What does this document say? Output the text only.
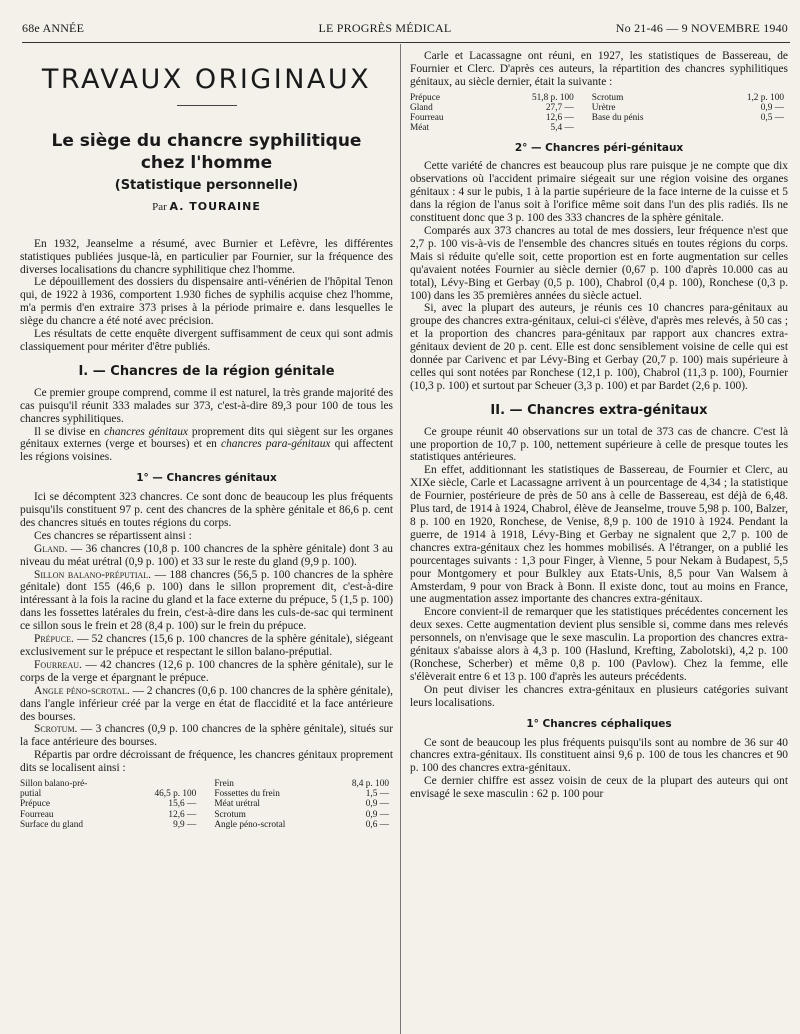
68e ANNÉE	LE PROGRÈS MÉDICAL	No 21-46 — 9 NOVEMBRE 1940
TRAVAUX ORIGINAUX
Le siège du chancre syphilitique
chez l'homme
(Statistique personnelle)
Par A. TOURAINE

En 1932, Jeanselme a résumé, avec Burnier et Lefèvre, les différentes statistiques publiées jusque-là, en particulier par Fournier, sur la fréquence des diverses localisations du chancre syphilitique chez l'homme.

Le dépouillement des dossiers du dispensaire anti-vénérien de l'hôpital Tenon qui, de 1922 à 1936, comportent 1.930 fiches de syphilis acquise chez l'homme, m'a permis d'en extraire 373 prises à la période primaire e. dans lesquelles le siège du chancre a été noté avec précision.

Les résultats de cette enquête divergent suffisamment de ceux qui sont admis classiquement pour mériter d'être publiés.

I. — Chancres de la région génitale

Ce premier groupe comprend, comme il est naturel, la très grande majorité des cas puisqu'il réunit 333 malades sur 373, c'est-à-dire 89,3 pour 100 de tous les chancres syphilitiques.

Il se divise en chancres génitaux proprement dits qui siègent sur les organes génitaux externes (verge et bourses) et en chancres para-génitaux qui affectent les régions voisines.

1° — Chancres génitaux

Ici se décomptent 323 chancres. Ce sont donc de beaucoup les plus fréquents puisqu'ils constituent 97 p. cent des chancres de la sphère génitale et 86,6 p. cent des chancres situés en toutes régions du corps.

Ces chancres se répartissent ainsi :

Gland. — 36 chancres (10,8 p. 100 chancres de la sphère génitale) dont 3 au niveau du méat urétral (0,9 p. 100) et 33 sur le reste du gland (9,9 p. 100).

Sillon balano-préputial. — 188 chancres (56,5 p. 100 chancres de la sphère génitale) dont 155 (46,6 p. 100) dans le sillon proprement dit, c'est-à-dire intéressant à la fois la racine du gland et la face externe du prépuce, 5 (1,5 p. 100) dans les fossettes latérales du frein, c'est-à-dire dans les culs-de-sac qui terminent ce sillon sous le frein et 28 (8,4 p. 100) sur le frein du prépuce.

Prépuce. — 52 chancres (15,6 p. 100 chancres de la sphère génitale), siégeant exclusivement sur le prépuce et respectant le sillon balano-préputial.

Fourreau. — 42 chancres (12,6 p. 100 chancres de la sphère génitale), sur le corps de la verge et épargnant le prépuce.

Angle péno-scrotal. — 2 chancres (0,6 p. 100 chancres de la sphère génitale), dans l'angle inférieur créé par la verge en état de flaccidité et la face antérieure des bourses.

Scrotum. — 3 chancres (0,9 p. 100 chancres de la sphère génitale), situés sur la face antérieure des bourses.

Répartis par ordre décroissant de fréquence, les chancres génitaux proprement dits se localisent ainsi :

Sillon balano-pré-			Frein	8,4 p. 100
putial	46,5 p. 100		Fossettes du frein	1,5 —
Prépuce	15,6 —		Méat urétral	0,9 —
Fourreau	12,6 —		Scrotum	0,9 —
Surface du gland	9,9 —		Angle péno-scrotal	0,6 —

Carle et Lacassagne ont réuni, en 1927, les statistiques de Bassereau, de Fournier et Clerc. D'après ces auteurs, la répartition des chancres syphilitiques génitaux, au siècle dernier, était la suivante :

Prépuce	51,8 p. 100		Scrotum	1,2 p. 100
Gland	27,7 —		Urètre	0,9 —
Fourreau	12,6 —		Base du pénis	0,5 —
Méat	5,4 —			
2° — Chancres péri-génitaux

Cette variété de chancres est beaucoup plus rare puisque je ne compte que dix observations où l'accident primaire siégeait sur une région voisine des organes génitaux : 4 sur le pubis, 1 à la partie supérieure de la face interne de la cuisse et 5 dans la région de l'anus soit à l'orifice même soit dans l'un des plis radiés. Ils ne constituent donc que 3 p. 100 des 333 chancres de la sphère génitale.

Comparés aux 373 chancres au total de mes dossiers, leur fréquence n'est que 2,7 p. 100 vis-à-vis de l'ensemble des chancres situés en toutes régions du corps. Mais si réduite qu'elle soit, cette proportion est en forte augmentation sur celles qu'avaient notées Fournier au siècle dernier (0,67 p. 100 d'après 10.000 cas au total), Lévy-Bing et Gerbay (0,5 p. 100), Chabrol (0,4 p. 100), Ronchese (0,3 p. 100) dans les 35 premières années du siècle actuel.

Si, avec la plupart des auteurs, je réunis ces 10 chancres para-génitaux au groupe des chancres extra-génitaux, celui-ci s'élève, d'après mes relevés, à 50 cas ; et la proportion des chancres para-génitaux par rapport aux chancres extra-génitaux devient de 20 p. cent. Elle est donc sensiblement voisine de celle qui est donnée par Carivenc et par Lévy-Bing et Gerbay (20,7 p. 100) mais supérieure à celles qui sont notées par Ronchese (12,1 p. 100), Chabrol (11,3 p. 100), Fournier (10,3 p. 100) et surtout par Scheuer (3,3 p. 100) et par Bardet (2,6 p. 100).

II. — Chancres extra-génitaux

Ce groupe réunit 40 observations sur un total de 373 cas de chancre. C'est là une proportion de 10,7 p. 100, nettement supérieure à celle de presque toutes les statistiques antérieures.

En effet, additionnant les statistiques de Bassereau, de Fournier et Clerc, au XIXe siècle, Carle et Lacassagne arrivent à un pourcentage de 4,34 ; la statistique de Fournier, postérieure de près de 50 ans à celle de Bassereau, est déjà de 6,48. Plus tard, de 1914 à 1924, Chabrol, élève de Jeanselme, trouve 5,98 p. 100, Balzer, 8 p. 100 en 1920, Ronchese, de Venise, 8,9 p. 100 de 1910 à 1924. Pendant la guerre, de 1914 à 1918, Lévy-Bing et Gerbay ne signalent que 2,7 p. 100 de chancres extra-génitaux chez les hommes mobilisés. A l'étranger, on a publié les pourcentages suivants : 1,3 pour Finger, à Vienne, 5 pour Nekam à Budapest, 5,5 pour Montgomery et pour Bulkley aux Etats-Unis, 8,5 pour Van Walsem à Amsterdam, 9 pour von Brack à Bonn. Il existe donc, tout au moins en France, une augmentation assez importante des chancres extra-génitaux.

Encore convient-il de remarquer que les statistiques précédentes concernent les deux sexes. Cette augmentation devient plus sensible si, comme dans mes relevés personnels, on n'envisage que le sexe masculin. La proportion des chancres extra-génitaux s'abaisse alors à 4,3 p. 100 (Haslund, Krefting, Zabolotski), 4,2 p. 100 (Ronchese, Scherber) et même 0,8 p. 100 (Pavlow). Chez la femme, elle s'élèverait entre 6 et 13 p. 100 d'après les auteurs précédents.

On peut diviser les chancres extra-génitaux en plusieurs catégories suivant leurs localisations.

1° Chancres céphaliques

Ce sont de beaucoup les plus fréquents puisqu'ils sont au nombre de 36 sur 40 chancres extra-génitaux. Ils constituent ainsi 9,6 p. 100 de tous les chancres et 90 p. 100 des chancres extra-génitaux.

Ce dernier chiffre est assez voisin de ceux de la plupart des auteurs qui ont envisagé le sexe masculin : 62 p. 100 pour
